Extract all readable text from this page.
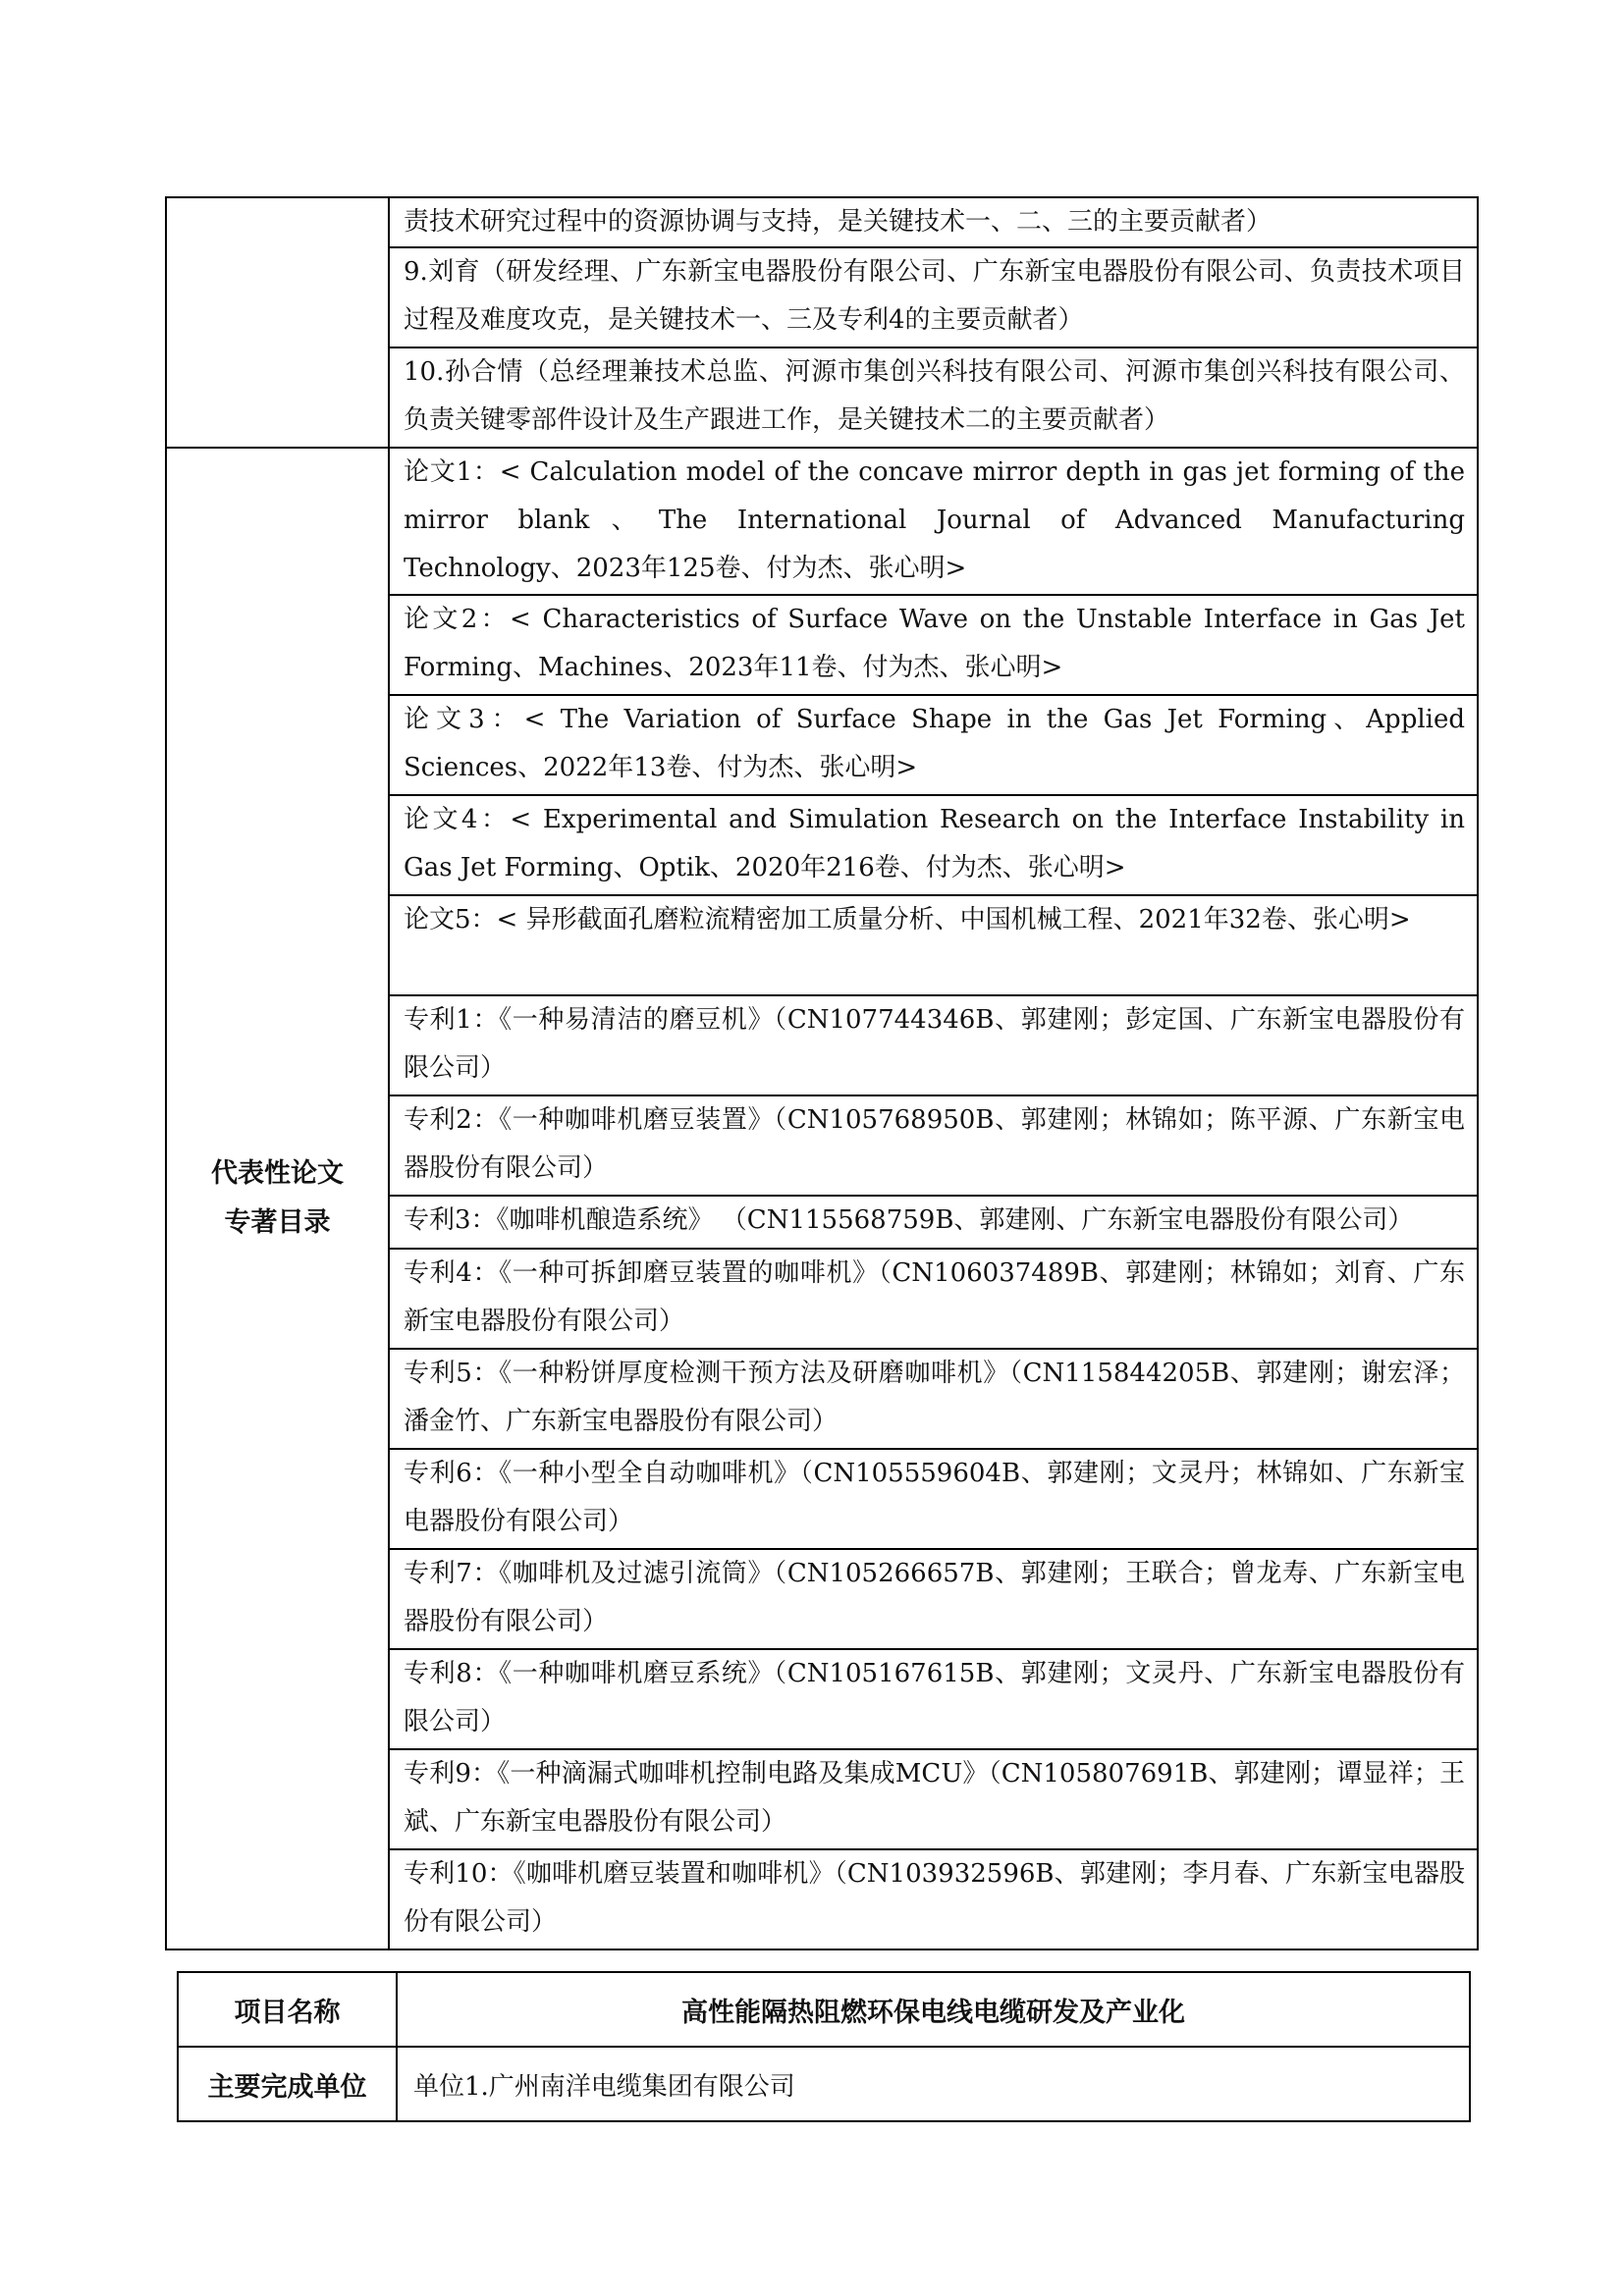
	责技术研究过程中的资源协调与支持，是关键技术一、二、三的主要贡献者）
	9.刘育（研发经理、广东新宝电器股份有限公司、广东新宝电器股份有限公司、负责技术项目过程及难度攻克，是关键技术一、三及专利4的主要贡献者）
	10.孙合情（总经理兼技术总监、河源市集创兴科技有限公司、河源市集创兴科技有限公司、负责关键零部件设计及生产跟进工作，是关键技术二的主要贡献者）

代表性论文
专著目录	论文1：< Calculation model of the concave mirror depth in gas jet forming of the mirror blank、The International Journal of Advanced Manufacturing Technology、2023年125卷、付为杰、张心明>
	论文2：< Characteristics of Surface Wave on the Unstable Interface in Gas Jet Forming、Machines、2023年11卷、付为杰、张心明>
	论文3：< The Variation of Surface Shape in the Gas Jet Forming、Applied Sciences、2022年13卷、付为杰、张心明>
	论文4：< Experimental and Simulation Research on the Interface Instability in Gas Jet Forming、Optik、2020年216卷、付为杰、张心明>
	论文5：< 异形截面孔磨粒流精密加工质量分析、中国机械工程、2021年32卷、张心明>
	专利1：《一种易清洁的磨豆机》（CN107744346B、郭建刚；彭定国、广东新宝电器股份有限公司）
	专利2：《一种咖啡机磨豆装置》（CN105768950B、郭建刚；林锦如；陈平源、广东新宝电器股份有限公司）
	专利3：《咖啡机酿造系统》 （CN115568759B、郭建刚、广东新宝电器股份有限公司）
	专利4：《一种可拆卸磨豆装置的咖啡机》（CN106037489B、郭建刚；林锦如；刘育、广东新宝电器股份有限公司）
	专利5：《一种粉饼厚度检测干预方法及研磨咖啡机》（CN115844205B、郭建刚；谢宏泽；潘金竹、广东新宝电器股份有限公司）
	专利6：《一种小型全自动咖啡机》（CN105559604B、郭建刚；文灵丹；林锦如、广东新宝电器股份有限公司）
	专利7：《咖啡机及过滤引流筒》（CN105266657B、郭建刚；王联合；曾龙寿、广东新宝电器股份有限公司）
	专利8：《一种咖啡机磨豆系统》（CN105167615B、郭建刚；文灵丹、广东新宝电器股份有限公司）
	专利9：《一种滴漏式咖啡机控制电路及集成MCU》（CN105807691B、郭建刚；谭显祥；王斌、广东新宝电器股份有限公司）
	专利10：《咖啡机磨豆装置和咖啡机》（CN103932596B、郭建刚；李月春、广东新宝电器股份有限公司）
项目名称	高性能隔热阻燃环保电线电缆研发及产业化
主要完成单位	单位1.广州南洋电缆集团有限公司
